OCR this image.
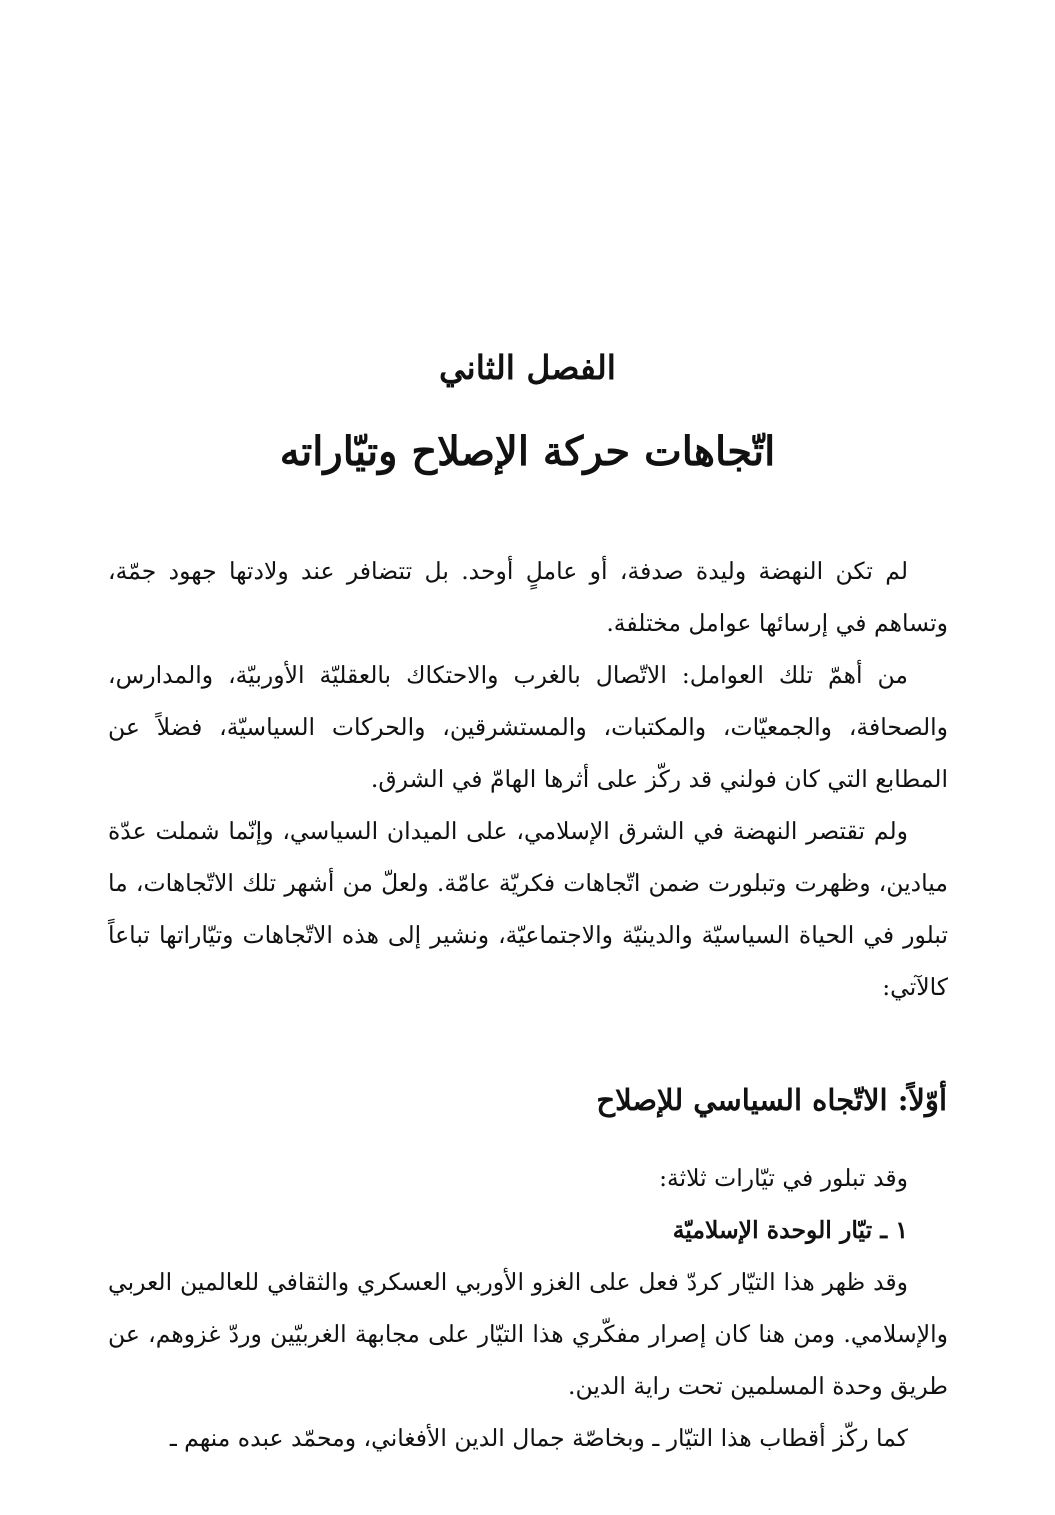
الفصل الثاني
اتّجاهات حركة الإصلاح وتيّاراته

لم تكن النهضة وليدة صدفة، أو عاملٍ أوحد. بل تتضافر عند ولادتها جهود جمّة، وتساهم في إرسائها عوامل مختلفة.

من أهمّ تلك العوامل: الاتّصال بالغرب والاحتكاك بالعقليّة الأوربيّة، والمدارس، والصحافة، والجمعيّات، والمكتبات، والمستشرقين، والحركات السياسيّة، فضلاً عن المطابع التي كان فولني قد ركّز على أثرها الهامّ في الشرق.

ولم تقتصر النهضة في الشرق الإسلامي، على الميدان السياسي، وإنّما شملت عدّة ميادين، وظهرت وتبلورت ضمن اتّجاهات فكريّة عامّة. ولعلّ من أشهر تلك الاتّجاهات، ما تبلور في الحياة السياسيّة والدينيّة والاجتماعيّة، ونشير إلى هذه الاتّجاهات وتيّاراتها تباعاً كالآتي:

أوّلاً: الاتّجاه السياسي للإصلاح

وقد تبلور في تيّارات ثلاثة:

١ ـ تيّار الوحدة الإسلاميّة

وقد ظهر هذا التيّار كردّ فعل على الغزو الأوربي العسكري والثقافي للعالمين العربي والإسلامي. ومن هنا كان إصرار مفكّري هذا التيّار على مجابهة الغربيّين وردّ غزوهم، عن طريق وحدة المسلمين تحت راية الدين.

كما ركّز أقطاب هذا التيّار ـ وبخاصّة جمال الدين الأفغاني، ومحمّد عبده منهم ـ
